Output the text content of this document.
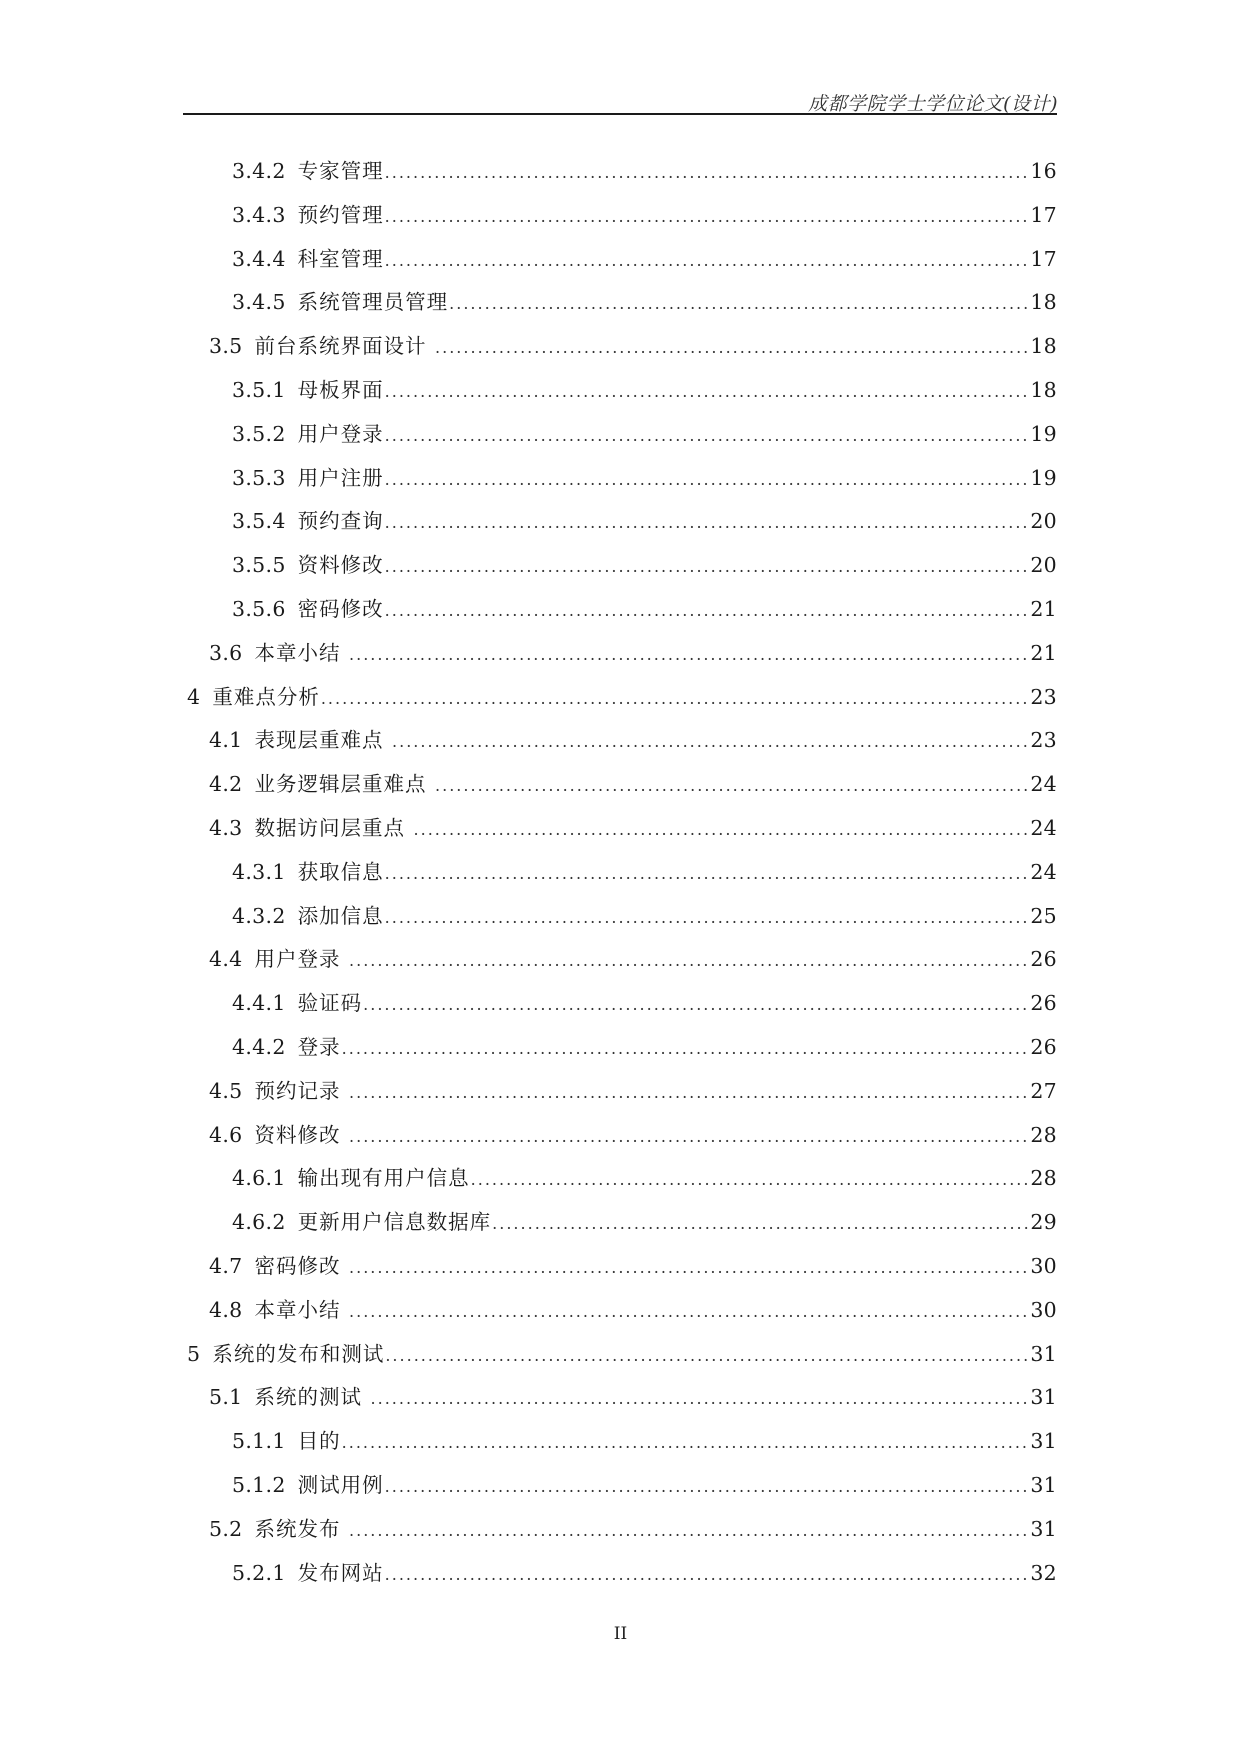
成都学院学士学位论文(设计)
3.4.2 专家管理 .....	16
3.4.3 预约管理 .....	17
3.4.4 科室管理 .....	17
3.4.5 系统管理员管理 .....	18
3.5 前台系统界面设计 .....	18
3.5.1 母板界面 .....	18
3.5.2 用户登录 .....	19
3.5.3 用户注册 .....	19
3.5.4 预约查询 .....	20
3.5.5 资料修改 .....	20
3.5.6 密码修改 .....	21
3.6 本章小结 .....	21
4 重难点分析 .....	23
4.1 表现层重难点 .....	23
4.2 业务逻辑层重难点 .....	24
4.3 数据访问层重点 .....	24
4.3.1 获取信息 .....	24
4.3.2 添加信息 .....	25
4.4 用户登录 .....	26
4.4.1 验证码 .....	26
4.4.2 登录 .....	26
4.5 预约记录 .....	27
4.6 资料修改 .....	28
4.6.1 输出现有用户信息 .....	28
4.6.2 更新用户信息数据库 .....	29
4.7 密码修改 .....	30
4.8 本章小结 .....	30
5 系统的发布和测试 .....	31
5.1 系统的测试 .....	31
5.1.1 目的 .....	31
5.1.2 测试用例 .....	31
5.2 系统发布 .....	31
5.2.1 发布网站 .....	32
II
